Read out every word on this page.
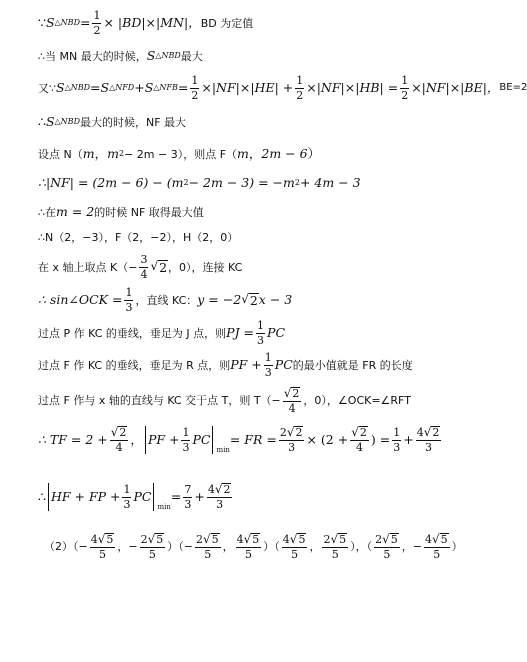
∵ S △NBD = $\frac{1}{2} \times |BD|\times|MN|$， BD 为定值
∴当 MN 最大的时候， S △NBD 最大
又∵ S △NBD = S △NFD + S △NFB = $\frac{1}{2} \times|NF|\times|HE| + \frac{1}{2} \times|NF|\times|HB| = \frac{1}{2} \times|NF|\times|BE|$， BE=2
∴ S △NBD 最大的时候，NF 最大
设点 N（ m ， m 2 − 2m − 3），则点 F（ m ， 2m − 6 ）
∴|NF| = (2m − 6) − (m 2 − 2m − 3) = −m 2 + 4m − 3
∴在 m = 2 的时候 NF 取得最大值
∴N（2，−3），F（2，−2），H（2，0）
在 x 轴上取点 $K(- \frac{3}{4}$ √ 2 ，0），连接 KC
∴ sin∠OCK = $\frac{1}{3}$ ，直线 KC： y = −2 √ 2 x − 3
过点 P 作 KC 的垂线，垂足为 J 点，则 PJ = $\frac{1}{3}$ PC
过点 F 作 KC 的垂线，垂足为 R 点，则 PF + $\frac{1}{3}$ PC 的最小值就是 FR 的长度
过点 F 作与 x 轴的直线与 KC 交于点 T，则 $T(- \frac{√ 2}{4}$ ，0）， ∠OCK=∠RFT
∴ TF = $2 + \frac{√ 2}{4}$ ， PF + $\frac{1}{3}$ PC
min
= FR = $\frac{2 √ 2}{3} \times (2 + \frac{√ 2}{4}$ ) = $\frac{1}{3} + \frac{4 √ 2}{3}$
∴ HF + FP + $\frac{1}{3}$ PC
min
= $\frac{7}{3} + \frac{4 √ 2}{3}$
$(2)(- \frac{4 √ 5}{5}$ ，− $\frac{2 √ 5}{5}$ ）（− $\frac{2 √ 5}{5}$ ， $\frac{4 √ 5}{5}$ ）（ $\frac{4 √ 5}{5}$ ， $\frac{2 √ 5}{5}$ ），（ $\frac{2 √ 5}{5}$ ，− $\frac{4 √ 5}{5}$ ）
